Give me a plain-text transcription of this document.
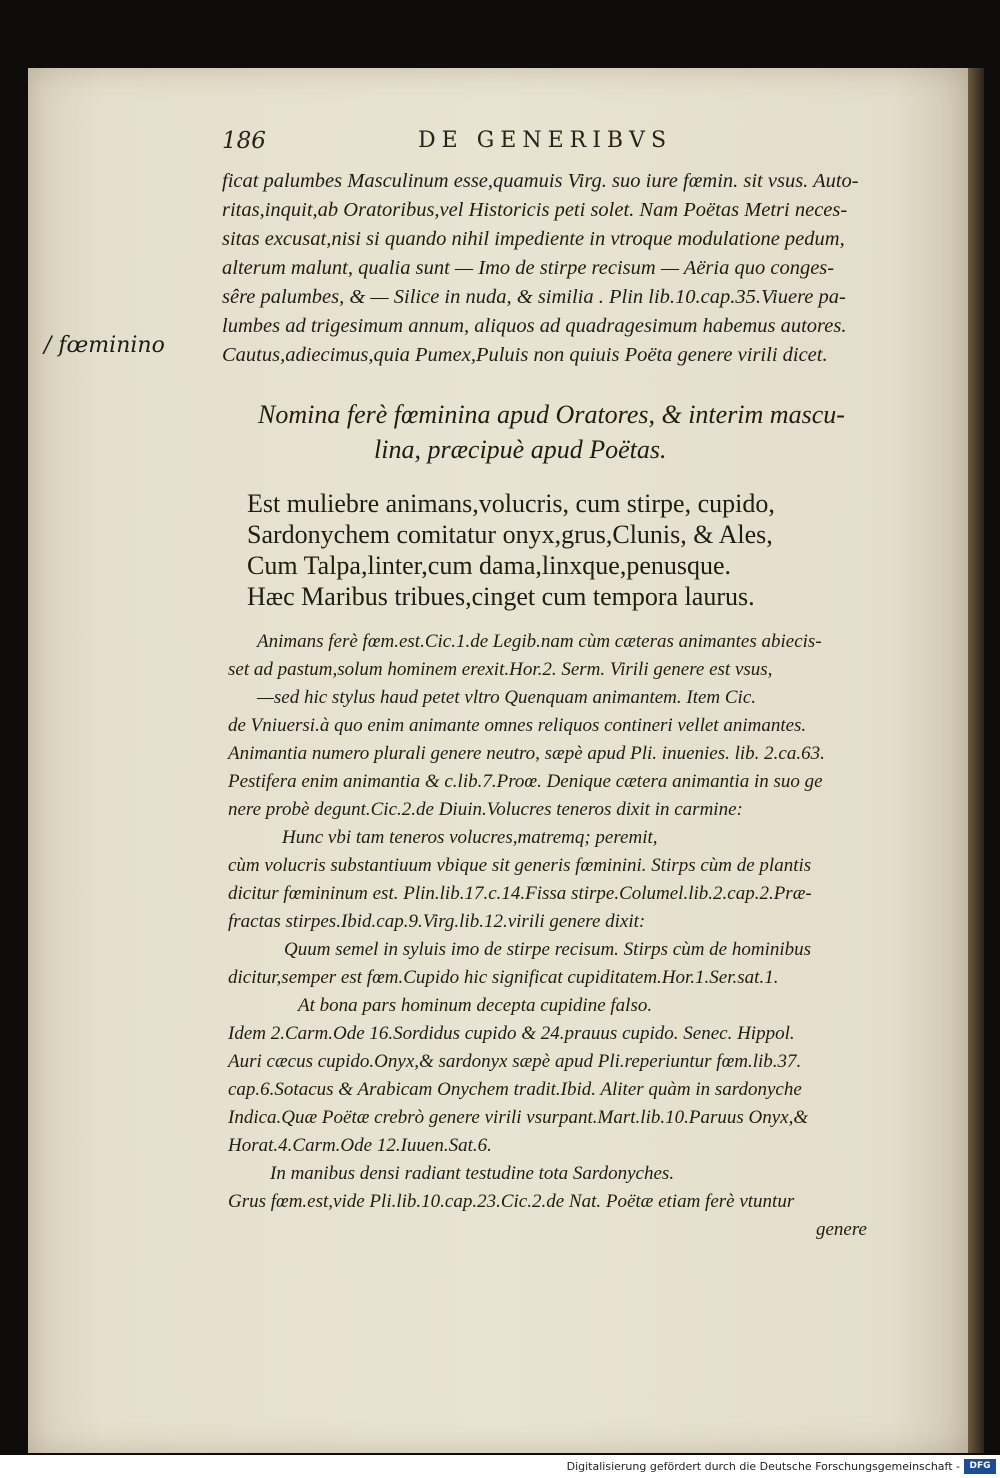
186	DE GENERIBVS
/ fœminino
ficat palumbes Masculinum esse,quamuis Virg. suo iure fœmin. sit vsus. Auto-
ritas,inquit,ab Oratoribus,vel Historicis peti solet. Nam Poëtas Metri neces-
sitas excusat,nisi si quando nihil impediente in vtroque modulatione pedum,
alterum malunt, qualia sunt — Imo de stirpe recisum — Aëria quo conges-
sêre palumbes, & — Silice in nuda, & similia . Plin lib.10.cap.35.Viuere pa-
lumbes ad trigesimum annum, aliquos ad quadragesimum habemus autores.
Cautus,adiecimus,quia Pumex,Puluis non quiuis Poëta genere virili dicet.
Nomina ferè fœminina apud Oratores, & interim mascu-
lina, præcipuè apud Poëtas.
Est muliebre animans,volucris, cum stirpe, cupido,
Sardonychem comitatur onyx,grus,Clunis, & Ales,
Cum Talpa,linter,cum dama,linxque,penusque.
Hæc Maribus tribues,cinget cum tempora laurus.
Animans ferè fœm.est.Cic.1.de Legib.nam cùm cæteras animantes abiecis-
set ad pastum,solum hominem erexit.Hor.2. Serm. Virili genere est vsus,
—sed hic stylus haud petet vltro Quenquam animantem. Item Cic.
de Vniuersi.à quo enim animante omnes reliquos contineri vellet animantes.
Animantia numero plurali genere neutro, sæpè apud Pli. inuenies. lib. 2.ca.63.
Pestifera enim animantia & c.lib.7.Proœ. Denique cætera animantia in suo ge
nere probè degunt.Cic.2.de Diuin.Volucres teneros dixit in carmine:
Hunc vbi tam teneros volucres,matremq; peremit,
cùm volucris substantiuum vbique sit generis fœminini. Stirps cùm de plantis
dicitur fœmininum est. Plin.lib.17.c.14.Fissa stirpe.Columel.lib.2.cap.2.Præ-
fractas stirpes.Ibid.cap.9.Virg.lib.12.virili genere dixit:
Quum semel in syluis imo de stirpe recisum. Stirps cùm de hominibus
dicitur,semper est fœm.Cupido hic significat cupiditatem.Hor.1.Ser.sat.1.
At bona pars hominum decepta cupidine falso.
Idem 2.Carm.Ode 16.Sordidus cupido & 24.prauus cupido. Senec. Hippol.
Auri cæcus cupido.Onyx,& sardonyx sæpè apud Pli.reperiuntur fœm.lib.37.
cap.6.Sotacus & Arabicam Onychem tradit.Ibid. Aliter quàm in sardonyche
Indica.Quæ Poëtæ crebrò genere virili vsurpant.Mart.lib.10.Paruus Onyx,&
Horat.4.Carm.Ode 12.Iuuen.Sat.6.
In manibus densi radiant testudine tota Sardonyches.
Grus fœm.est,vide Pli.lib.10.cap.23.Cic.2.de Nat. Poëtæ etiam ferè vtuntur
genere
Digitalisierung gefördert durch die Deutsche Forschungsgemeinschaft -	DFG
